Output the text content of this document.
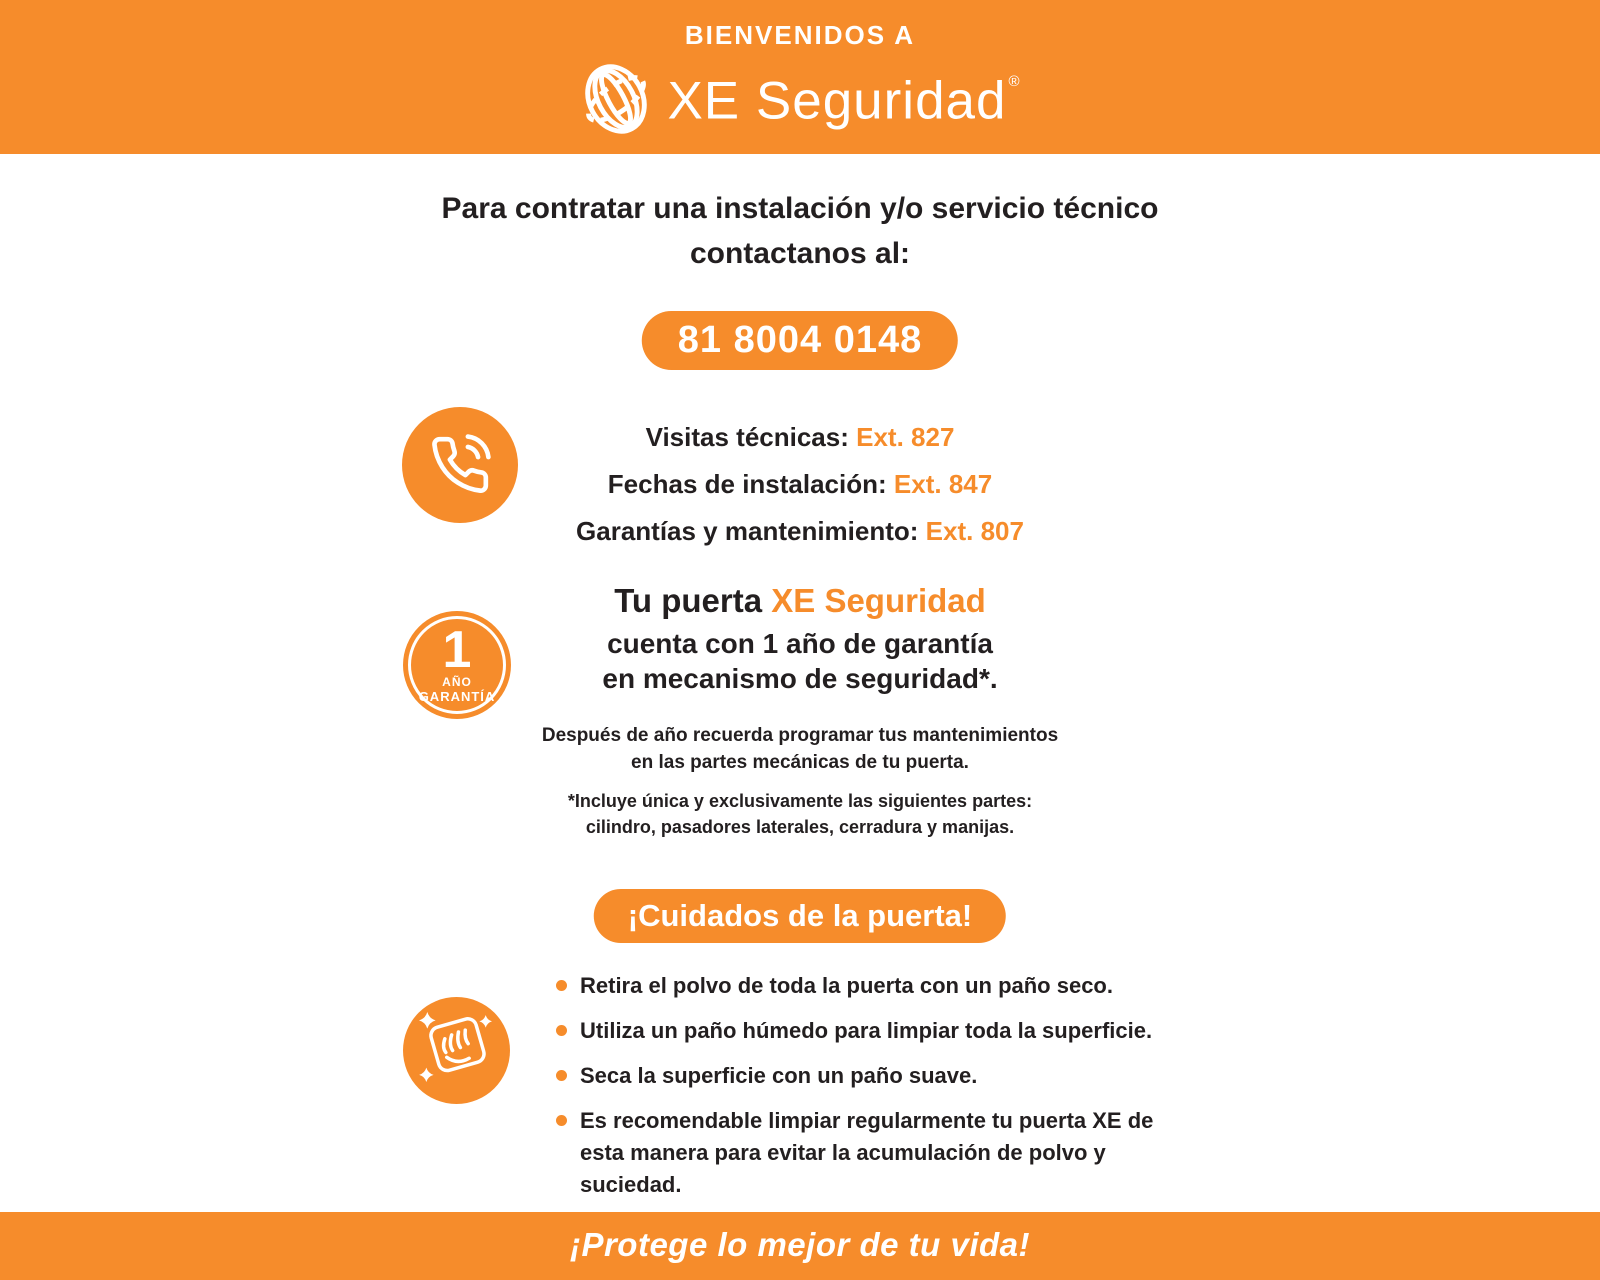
BIENVENIDOS A
XE Seguridad ®
Para contratar una instalación y/o servicio técnico
contactanos al:
81 8004 0148
Visitas técnicas: Ext. 827
Fechas de instalación: Ext. 847
Garantías y mantenimiento: Ext. 807
1
AÑO
GARANTÍA
Tu puerta XE Seguridad
cuenta con 1 año de garantía
en mecanismo de seguridad*.
Después de año recuerda programar tus mantenimientos
en las partes mecánicas de tu puerta.
*Incluye única y exclusivamente las siguientes partes:
cilindro, pasadores laterales, cerradura y manijas.
¡Cuidados de la puerta!
Retira el polvo de toda la puerta con un paño seco.
Utiliza un paño húmedo para limpiar toda la superficie.
Seca la superficie con un paño suave.
Es recomendable limpiar regularmente tu puerta XE de
esta manera para evitar la acumulación de polvo y suciedad.
¡Protege lo mejor de tu vida!
